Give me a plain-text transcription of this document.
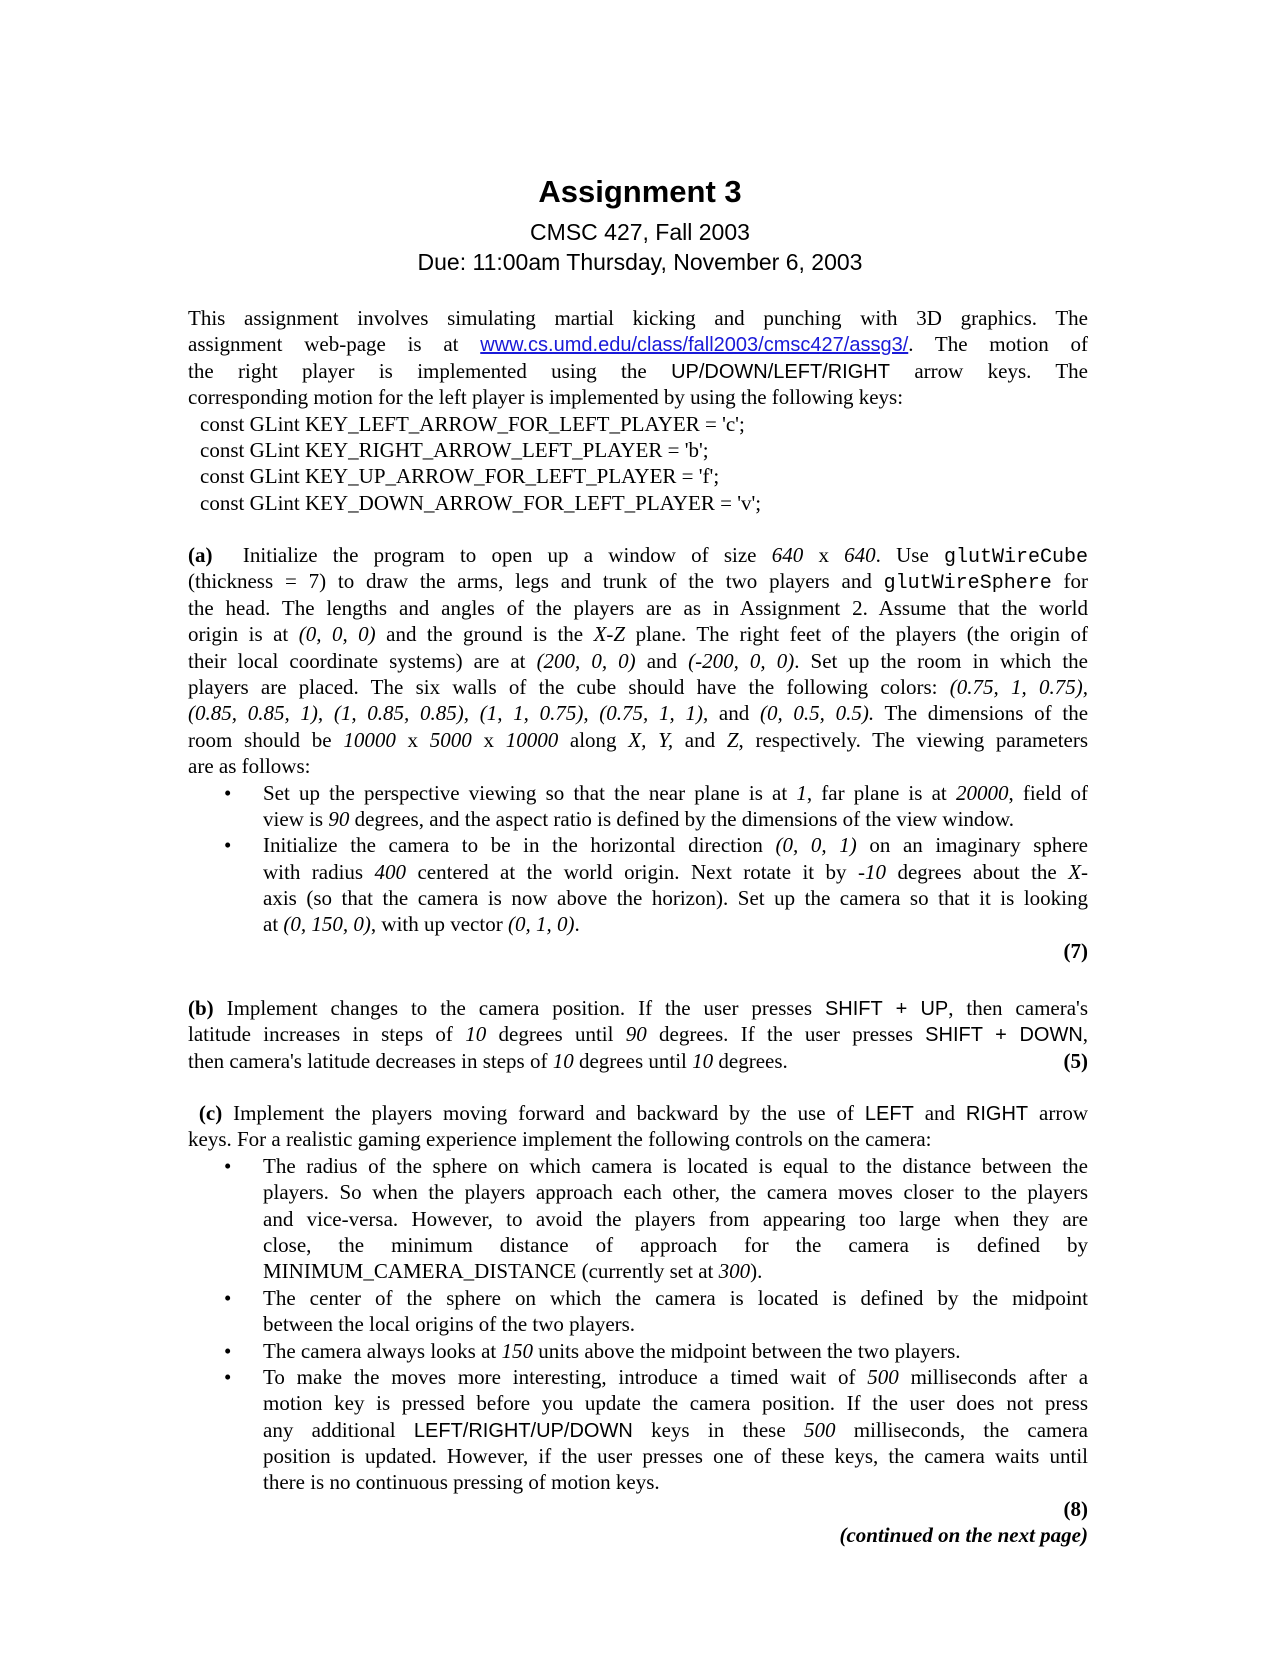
Assignment 3
CMSC 427, Fall 2003
Due: 11:00am Thursday, November 6, 2003
This assignment involves simulating martial kicking and punching with 3D graphics. The
assignment web-page is at www.cs.umd.edu/class/fall2003/cmsc427/assg3/. The motion of
the right player is implemented using the UP/DOWN/LEFT/RIGHT arrow keys. The
corresponding motion for the left player is implemented by using the following keys:
const GLint KEY_LEFT_ARROW_FOR_LEFT_PLAYER = 'c';
const GLint KEY_RIGHT_ARROW_LEFT_PLAYER = 'b';
const GLint KEY_UP_ARROW_FOR_LEFT_PLAYER = 'f';
const GLint KEY_DOWN_ARROW_FOR_LEFT_PLAYER = 'v';
(a) Initialize the program to open up a window of size 640 x 640. Use glutWireCube
(thickness = 7) to draw the arms, legs and trunk of the two players and glutWireSphere for
the head. The lengths and angles of the players are as in Assignment 2. Assume that the world
origin is at (0, 0, 0) and the ground is the X-Z plane. The right feet of the players (the origin of
their local coordinate systems) are at (200, 0, 0) and (-200, 0, 0). Set up the room in which the
players are placed. The six walls of the cube should have the following colors: (0.75, 1, 0.75),
(0.85, 0.85, 1), (1, 0.85, 0.85), (1, 1, 0.75), (0.75, 1, 1), and (0, 0.5, 0.5). The dimensions of the
room should be 10000 x 5000 x 10000 along X, Y, and Z, respectively. The viewing parameters
are as follows:
• Set up the perspective viewing so that the near plane is at 1, far plane is at 20000, field of
view is 90 degrees, and the aspect ratio is defined by the dimensions of the view window.
• Initialize the camera to be in the horizontal direction (0, 0, 1) on an imaginary sphere
with radius 400 centered at the world origin. Next rotate it by -10 degrees about the X-
axis (so that the camera is now above the horizon). Set up the camera so that it is looking
at (0, 150, 0), with up vector (0, 1, 0).
(7)
(b) Implement changes to the camera position. If the user presses SHIFT + UP, then camera's
latitude increases in steps of 10 degrees until 90 degrees. If the user presses SHIFT + DOWN,
then camera's latitude decreases in steps of 10 degrees until 10 degrees.	(5)
(c) Implement the players moving forward and backward by the use of LEFT and RIGHT arrow
keys. For a realistic gaming experience implement the following controls on the camera:
• The radius of the sphere on which camera is located is equal to the distance between the
players. So when the players approach each other, the camera moves closer to the players
and vice-versa. However, to avoid the players from appearing too large when they are
close, the minimum distance of approach for the camera is defined by
MINIMUM_CAMERA_DISTANCE (currently set at 300).
• The center of the sphere on which the camera is located is defined by the midpoint
between the local origins of the two players.
• The camera always looks at 150 units above the midpoint between the two players.
• To make the moves more interesting, introduce a timed wait of 500 milliseconds after a
motion key is pressed before you update the camera position. If the user does not press
any additional LEFT/RIGHT/UP/DOWN keys in these 500 milliseconds, the camera
position is updated. However, if the user presses one of these keys, the camera waits until
there is no continuous pressing of motion keys.
(8)
(continued on the next page)
